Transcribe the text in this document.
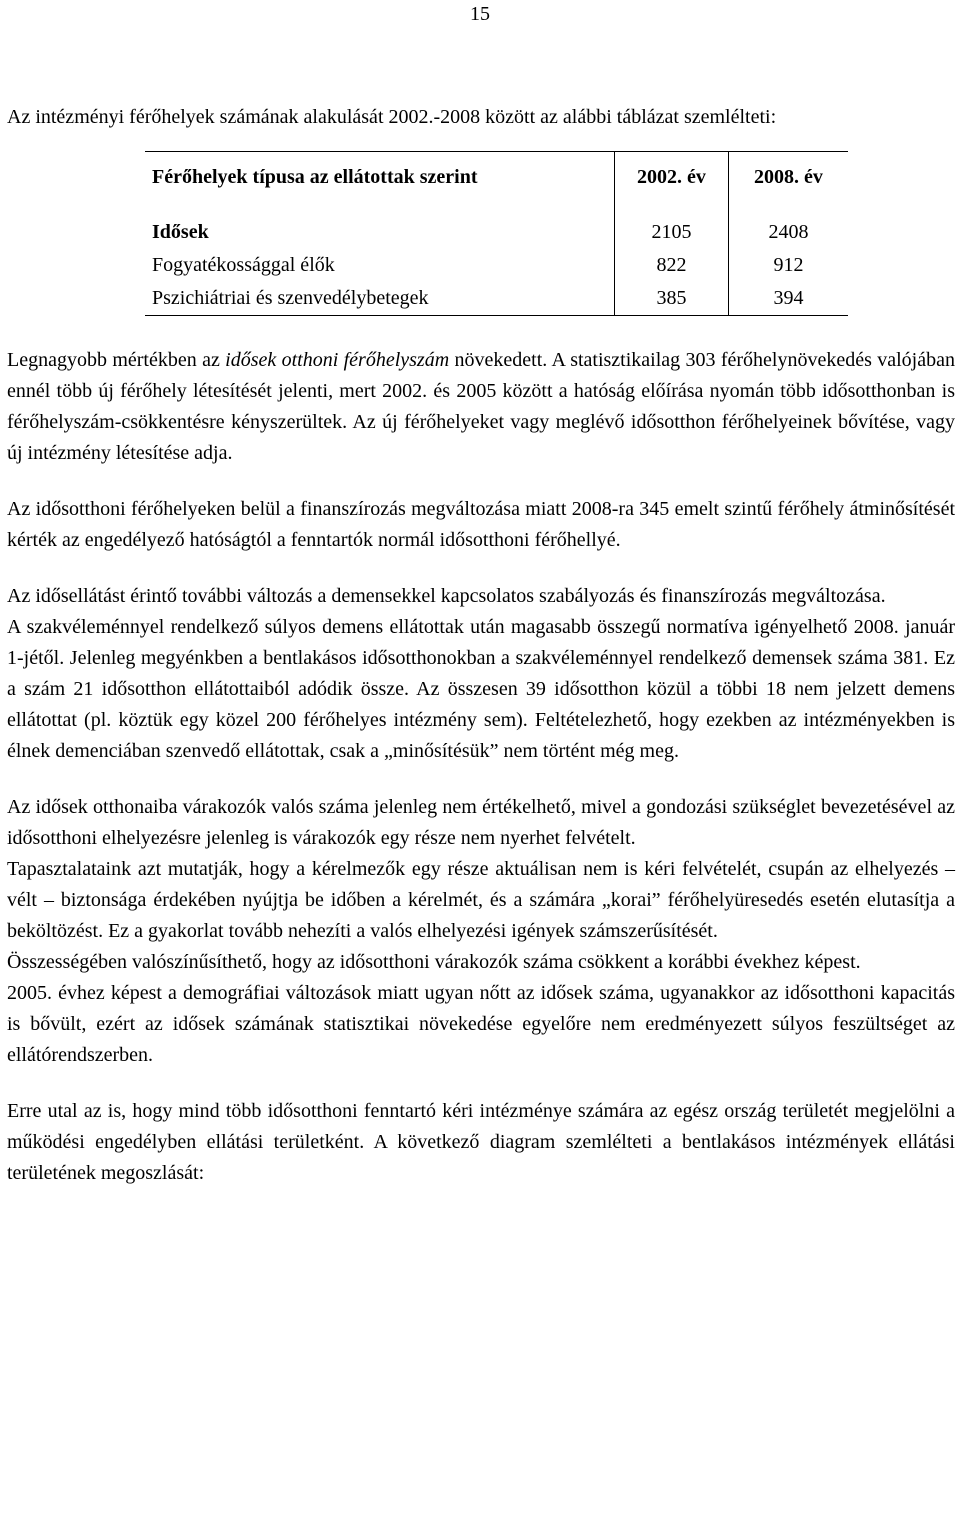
15

Az intézményi férőhelyek számának alakulását 2002.-2008 között az alábbi táblázat szemlélteti:

Férőhelyek típusa az ellátottak szerint	2002. év	2008. év

Idősek	2105	2408
Fogyatékossággal élők	822	912
Pszichiátriai és szenvedélybetegek	385	394

Legnagyobb mértékben az idősek otthoni férőhelyszám növekedett. A statisztikailag 303 férőhelynövekedés valójában ennél több új férőhely létesítését jelenti, mert 2002. és 2005 között a hatóság előírása nyomán több idősotthonban is férőhelyszám-csökkentésre kényszerültek. Az új férőhelyeket vagy meglévő idősotthon férőhelyeinek bővítése, vagy új intézmény létesítése adja.

Az idősotthoni férőhelyeken belül a finanszírozás megváltozása miatt 2008-ra 345 emelt szintű férőhely átminősítését kérték az engedélyező hatóságtól a fenntartók normál idősotthoni férőhellyé.

Az idősellátást érintő további változás a demensekkel kapcsolatos szabályozás és finanszírozás megváltozása.

A szakvéleménnyel rendelkező súlyos demens ellátottak után magasabb összegű normatíva igényelhető 2008. január 1-jétől. Jelenleg megyénkben a bentlakásos idősotthonokban a szakvéleménnyel rendelkező demensek száma 381. Ez a szám 21 idősotthon ellátottaiból adódik össze. Az összesen 39 idősotthon közül a többi 18 nem jelzett demens ellátottat (pl. köztük egy közel 200 férőhelyes intézmény sem). Feltételezhető, hogy ezekben az intézményekben is élnek demenciában szenvedő ellátottak, csak a „minősítésük” nem történt még meg.

Az idősek otthonaiba várakozók valós száma jelenleg nem értékelhető, mivel a gondozási szükséglet bevezetésével az idősotthoni elhelyezésre jelenleg is várakozók egy része nem nyerhet felvételt.

Tapasztalataink azt mutatják, hogy a kérelmezők egy része aktuálisan nem is kéri felvételét, csupán az elhelyezés – vélt – biztonsága érdekében nyújtja be időben a kérelmét, és a számára „korai” férőhelyüresedés esetén elutasítja a beköltözést. Ez a gyakorlat tovább nehezíti a valós elhelyezési igények számszerűsítését.

Összességében valószínűsíthető, hogy az idősotthoni várakozók száma csökkent a korábbi évekhez képest.

2005. évhez képest a demográfiai változások miatt ugyan nőtt az idősek száma, ugyanakkor az idősotthoni kapacitás is bővült, ezért az idősek számának statisztikai növekedése egyelőre nem eredményezett súlyos feszültséget az ellátórendszerben.

Erre utal az is, hogy mind több idősotthoni fenntartó kéri intézménye számára az egész ország területét megjelölni a működési engedélyben ellátási területként. A következő diagram szemlélteti a bentlakásos intézmények ellátási területének megoszlását:
